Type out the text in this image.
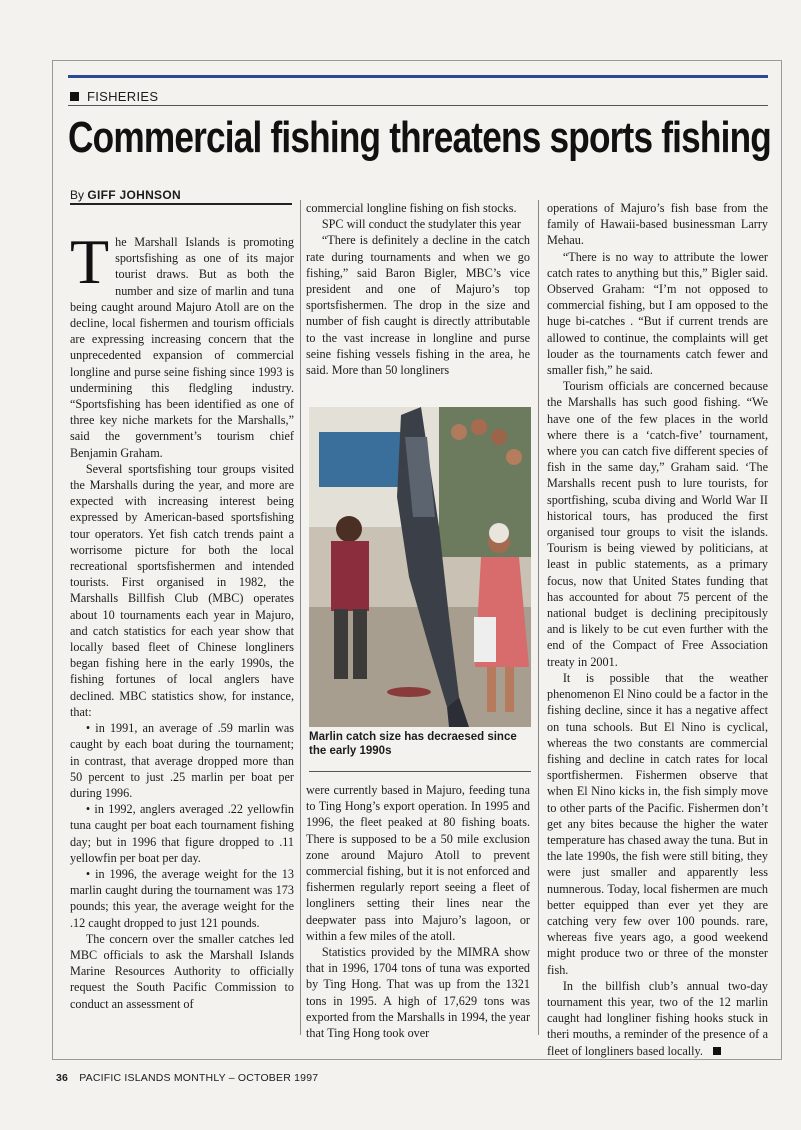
FISHERIES
Commercial fishing threatens sports fishing
By GIFF JOHNSON

The Marshall Islands is promoting sportsfishing as one of its major tourist draws. But as both the number and size of marlin and tuna being caught around Majuro Atoll are on the decline, local fishermen and tourism officials are expressing increasing concern that the unprecedented expansion of commercial longline and purse seine fishing since 1993 is undermining this fledgling industry. “Sportsfishing has been identified as one of three key niche markets for the Marshalls,” said the government’s tourism chief Benjamin Graham.

Several sportsfishing tour groups visited the Marshalls during the year, and more are expected with increasing interest being expressed by American-based sportsfishing tour operators. Yet fish catch trends paint a worrisome picture for both the local recreational sportsfishermen and intended tourists. First organised in 1982, the Marshalls Billfish Club (MBC) operates about 10 tournaments each year in Majuro, and catch statistics for each year show that locally based fleet of Chinese longliners began fishing here in the early 1990s, the fishing fortunes of local anglers have declined. MBC statistics show, for instance, that:

• in 1991, an average of .59 marlin was caught by each boat during the tournament; in contrast, that average dropped more than 50 percent to just .25 marlin per boat per during 1996.

• in 1992, anglers averaged .22 yellowfin tuna caught per boat each tournament fishing day; but in 1996 that figure dropped to .11 yellowfin per boat per day.

• in 1996, the average weight for the 13 marlin caught during the tournament was 173 pounds; this year, the average weight for the .12 caught dropped to just 121 pounds.

The concern over the smaller catches led MBC officials to ask the Marshall Islands Marine Resources Authority to officially request the South Pacific Commission to conduct an assessment of

commercial longline fishing on fish stocks.

SPC will conduct the studylater this year

“There is definitely a decline in the catch rate during tournaments and when we go fishing,” said Baron Bigler, MBC’s vice president and one of Majuro’s top sportsfishermen. The drop in the size and number of fish caught is directly attributable to the vast increase in longline and purse seine fishing vessels fishing in the area, he said. More than 50 longliners

Marlin catch size has decraesed since the early 1990s

were currently based in Majuro, feeding tuna to Ting Hong’s export operation. In 1995 and 1996, the fleet peaked at 80 fishing boats. There is supposed to be a 50 mile exclusion zone around Majuro Atoll to prevent commercial fishing, but it is not enforced and fishermen regularly report seeing a fleet of longliners setting their lines near the deepwater pass into Majuro’s lagoon, or within a few miles of the atoll.

Statistics provided by the MIMRA show that in 1996, 1704 tons of tuna was exported by Ting Hong. That was up from the 1321 tons in 1995. A high of 17,629 tons was exported from the Marshalls in 1994, the year that Ting Hong took over

operations of Majuro’s fish base from the family of Hawaii-based businessman Larry Mehau.

“There is no way to attribute the lower catch rates to anything but this,” Bigler said. Observed Graham: “I’m not opposed to commercial fishing, but I am opposed to the huge bi-catches . “But if current trends are allowed to continue, the complaints will get louder as the tournaments catch fewer and smaller fish,” he said.

Tourism officials are concerned because the Marshalls has such good fishing. “We have one of the few places in the world where there is a ‘catch-five’ tournament, where you can catch five different species of fish in the same day,” Graham said. ‘The Marshalls recent push to lure tourists, for sportfishing, scuba diving and World War II historical tours, has produced the first organised tour groups to visit the islands. Tourism is being viewed by politicians, at least in public statements, as a primary focus, now that United States funding that has accounted for about 75 percent of the national budget is declining precipitously and is likely to be cut even further with the end of the Compact of Free Association treaty in 2001.

It is possible that the weather phenomenon El Nino could be a factor in the fishing decline, since it has a negative affect on tuna schools. But El Nino is cyclical, whereas the two constants are commercial fishing and decline in catch rates for local sportfishermen. Fishermen observe that when El Nino kicks in, the fish simply move to other parts of the Pacific. Fishermen don’t get any bites because the higher the water temperature has chased away the tuna. But in the late 1990s, the fish were still biting, they were just smaller and apparently less numnerous. Today, local fishermen are much better equipped than ever yet they are catching very few over 100 pounds. rare, whereas five years ago, a good weekend might produce two or three of the monster fish.

In the billfish club’s annual two-day tournament this year, two of the 12 marlin caught had longliner fishing hooks stuck in theri mouths, a reminder of the presence of a fleet of longliners based locally.

36 PACIFIC ISLANDS MONTHLY – OCTOBER 1997
